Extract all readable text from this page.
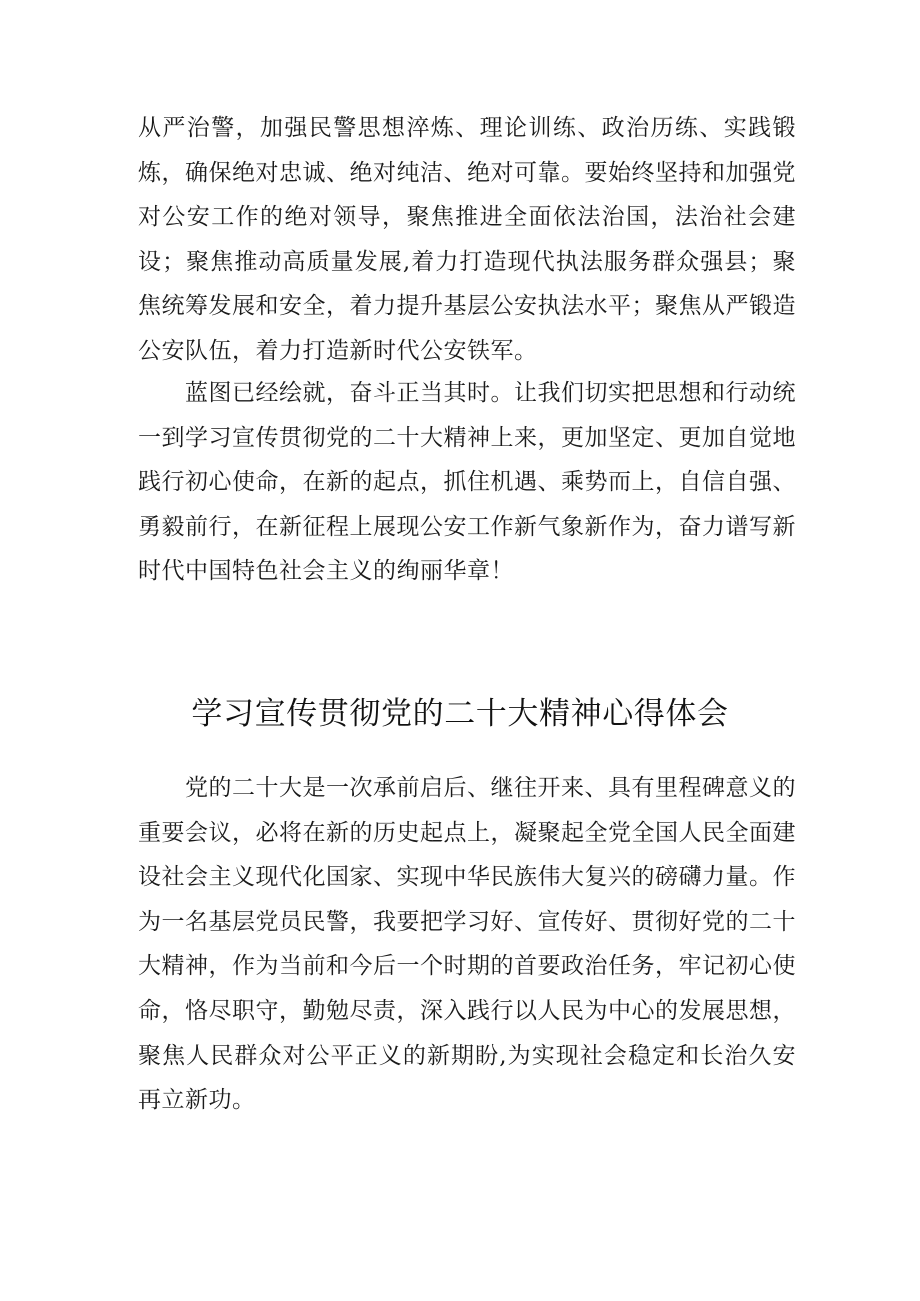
从严治警，加强民警思想淬炼、理论训练、政治历练、实践锻炼，确保绝对忠诚、绝对纯洁、绝对可靠。要始终坚持和加强党对公安工作的绝对领导，聚焦推进全面依法治国，法治社会建设；聚焦推动高质量发展,着力打造现代执法服务群众强县；聚焦统筹发展和安全，着力提升基层公安执法水平；聚焦从严锻造公安队伍，着力打造新时代公安铁军。

蓝图已经绘就，奋斗正当其时。让我们切实把思想和行动统一到学习宣传贯彻党的二十大精神上来，更加坚定、更加自觉地践行初心使命，在新的起点，抓住机遇、乘势而上，自信自强、勇毅前行，在新征程上展现公安工作新气象新作为，奋力谱写新时代中国特色社会主义的绚丽华章！

学习宣传贯彻党的二十大精神心得体会

党的二十大是一次承前启后、继往开来、具有里程碑意义的重要会议，必将在新的历史起点上，凝聚起全党全国人民全面建设社会主义现代化国家、实现中华民族伟大复兴的磅礴力量。作为一名基层党员民警，我要把学习好、宣传好、贯彻好党的二十大精神，作为当前和今后一个时期的首要政治任务，牢记初心使命，恪尽职守，勤勉尽责，深入践行以人民为中心的发展思想，聚焦人民群众对公平正义的新期盼,为实现社会稳定和长治久安再立新功。
